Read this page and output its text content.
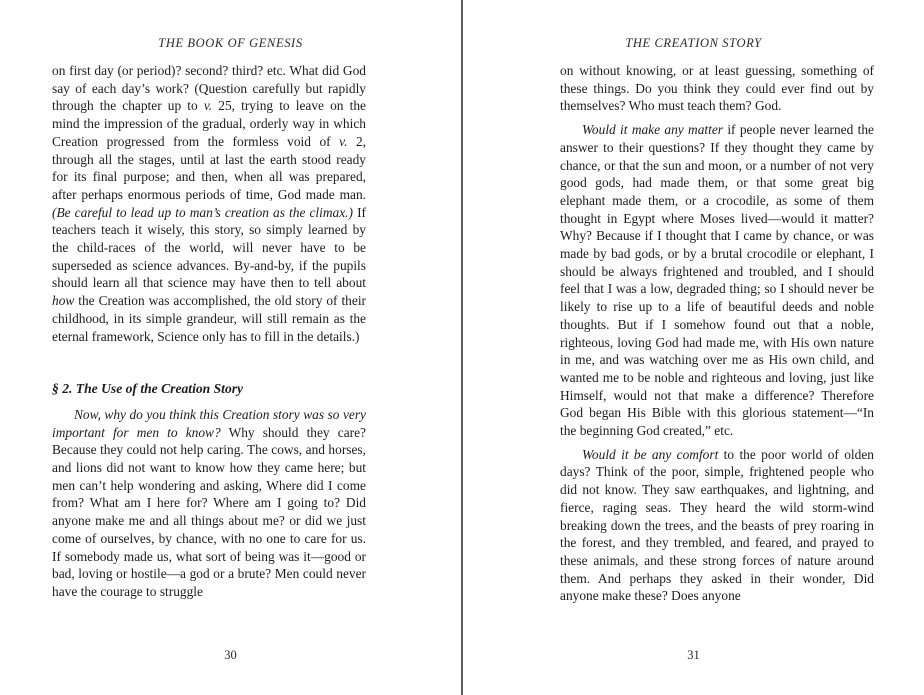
THE BOOK OF GENESIS

on first day (or period)? second? third? etc. What did God say of each day’s work? (Question carefully but rapidly through the chapter up to v. 25, trying to leave on the mind the impression of the gradual, orderly way in which Creation progressed from the formless void of v. 2, through all the stages, until at last the earth stood ready for its final purpose; and then, when all was prepared, after perhaps enormous periods of time, God made man. (Be careful to lead up to man’s creation as the climax.) If teachers teach it wisely, this story, so simply learned by the child-races of the world, will never have to be superseded as science advances. By-and-by, if the pupils should learn all that science may have then to tell about how the Creation was accomplished, the old story of their childhood, in its simple grandeur, will still remain as the eternal framework, Science only has to fill in the details.)

§ 2. The Use of the Creation Story

Now, why do you think this Creation story was so very important for men to know? Why should they care? Because they could not help caring. The cows, and horses, and lions did not want to know how they came here; but men can’t help wondering and asking, Where did I come from? What am I here for? Where am I going to? Did anyone make me and all things about me? or did we just come of ourselves, by chance, with no one to care for us. If somebody made us, what sort of being was it—good or bad, loving or hostile—a god or a brute? Men could never have the courage to struggle

30
THE CREATION STORY

on without knowing, or at least guessing, something of these things. Do you think they could ever find out by themselves? Who must teach them? God.

Would it make any matter if people never learned the answer to their questions? If they thought they came by chance, or that the sun and moon, or a number of not very good gods, had made them, or that some great big elephant made them, or a crocodile, as some of them thought in Egypt where Moses lived—would it matter? Why? Because if I thought that I came by chance, or was made by bad gods, or by a brutal crocodile or elephant, I should be always frightened and troubled, and I should feel that I was a low, degraded thing; so I should never be likely to rise up to a life of beautiful deeds and noble thoughts. But if I somehow found out that a noble, righteous, loving God had made me, with His own nature in me, and was watching over me as His own child, and wanted me to be noble and righteous and loving, just like Himself, would not that make a difference? Therefore God began His Bible with this glorious statement—“In the beginning God created,” etc.

Would it be any comfort to the poor world of olden days? Think of the poor, simple, frightened people who did not know. They saw earthquakes, and lightning, and fierce, raging seas. They heard the wild storm-wind breaking down the trees, and the beasts of prey roaring in the forest, and they trembled, and feared, and prayed to these animals, and these strong forces of nature around them. And perhaps they asked in their wonder, Did anyone make these? Does anyone

31
